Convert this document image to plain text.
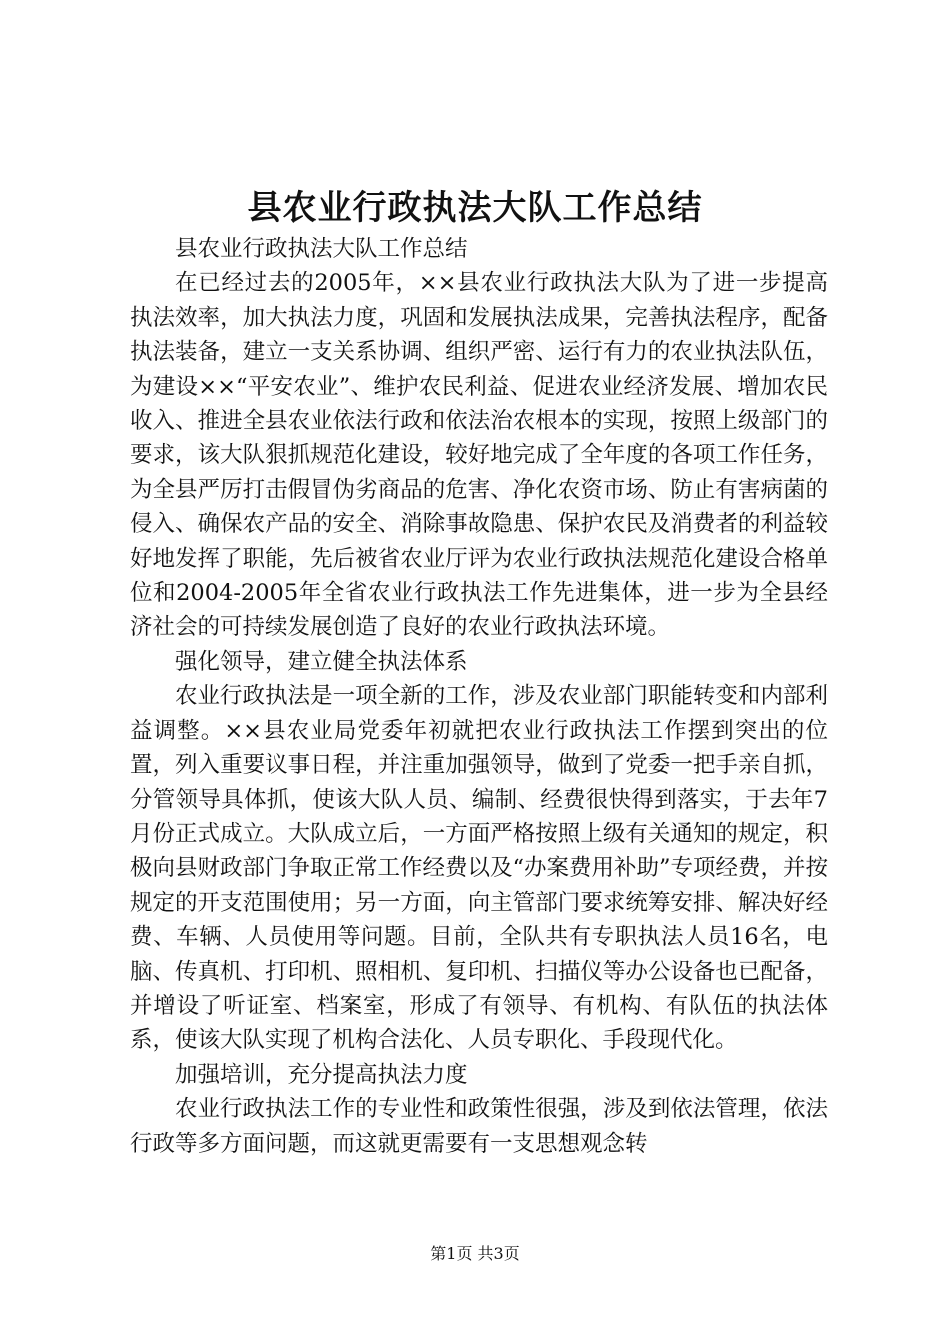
县农业行政执法大队工作总结

县农业行政执法大队工作总结

在已经过去的2005年，××县农业行政执法大队为了进一步提高执法效率，加大执法力度，巩固和发展执法成果，完善执法程序，配备执法装备，建立一支关系协调、组织严密、运行有力的农业执法队伍，为建设××“平安农业”、维护农民利益、促进农业经济发展、增加农民收入、推进全县农业依法行政和依法治农根本的实现，按照上级部门的要求，该大队狠抓规范化建设，较好地完成了全年度的各项工作任务，为全县严厉打击假冒伪劣商品的危害、净化农资市场、防止有害病菌的侵入、确保农产品的安全、消除事故隐患、保护农民及消费者的利益较好地发挥了职能，先后被省农业厅评为农业行政执法规范化建设合格单位和2004-2005年全省农业行政执法工作先进集体，进一步为全县经济社会的可持续发展创造了良好的农业行政执法环境。

强化领导，建立健全执法体系

农业行政执法是一项全新的工作，涉及农业部门职能转变和内部利益调整。××县农业局党委年初就把农业行政执法工作摆到突出的位置，列入重要议事日程，并注重加强领导，做到了党委一把手亲自抓，分管领导具体抓，使该大队人员、编制、经费很快得到落实，于去年7月份正式成立。大队成立后，一方面严格按照上级有关通知的规定，积极向县财政部门争取正常工作经费以及“办案费用补助”专项经费，并按规定的开支范围使用；另一方面，向主管部门要求统筹安排、解决好经费、车辆、人员使用等问题。目前，全队共有专职执法人员16名，电脑、传真机、打印机、照相机、复印机、扫描仪等办公设备也已配备，并增设了听证室、档案室，形成了有领导、有机构、有队伍的执法体系，使该大队实现了机构合法化、人员专职化、手段现代化。

加强培训，充分提高执法力度

农业行政执法工作的专业性和政策性很强，涉及到依法管理，依法行政等多方面问题，而这就更需要有一支思想观念转

第1页 共3页
